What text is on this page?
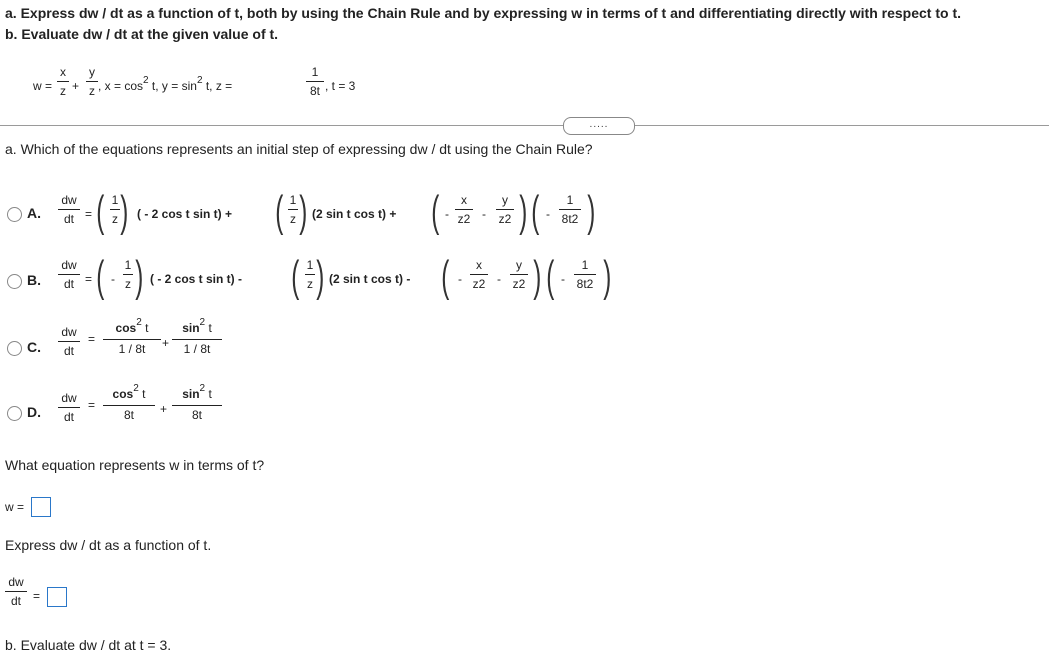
a. Express dw / dt as a function of t, both by using the Chain Rule and by expressing w in terms of t and differentiating directly with respect to t.
b. Evaluate dw / dt at the given value of t.
w =
x
z +
y
z , $x = \cos^2 t$, $y = \sin^2 t$, z =
1
8t , t = 3
.....
a. Which of the equations represents an initial step of expressing dw / dt using the Chain Rule?
A.
dw
dt = ( 1
z ) ( - 2 cos t sin t) + ( 1
z ) (2 sin t cos t) + ( -
x
z2 -
y
z2 ) ( -
1
8t2 )
B.
dw
dt = ( -
1
z ) ( - 2 cos t sin t) - ( 1
z ) (2 sin t cos t) - ( -
x
z2 -
y
z2 ) ( -
1
8t2 )
C.
dw
dt
=
$\cos^2 t$
1 / 8t	+
$\sin^2 t$
1 / 8t
D.
dw
dt
=
$\cos^2 t$
8t	+
$\sin^2 t$
8t
What equation represents w in terms of t?
w =
Express dw / dt as a function of t.
dw
dt	=
b. Evaluate dw / dt at t = 3.
